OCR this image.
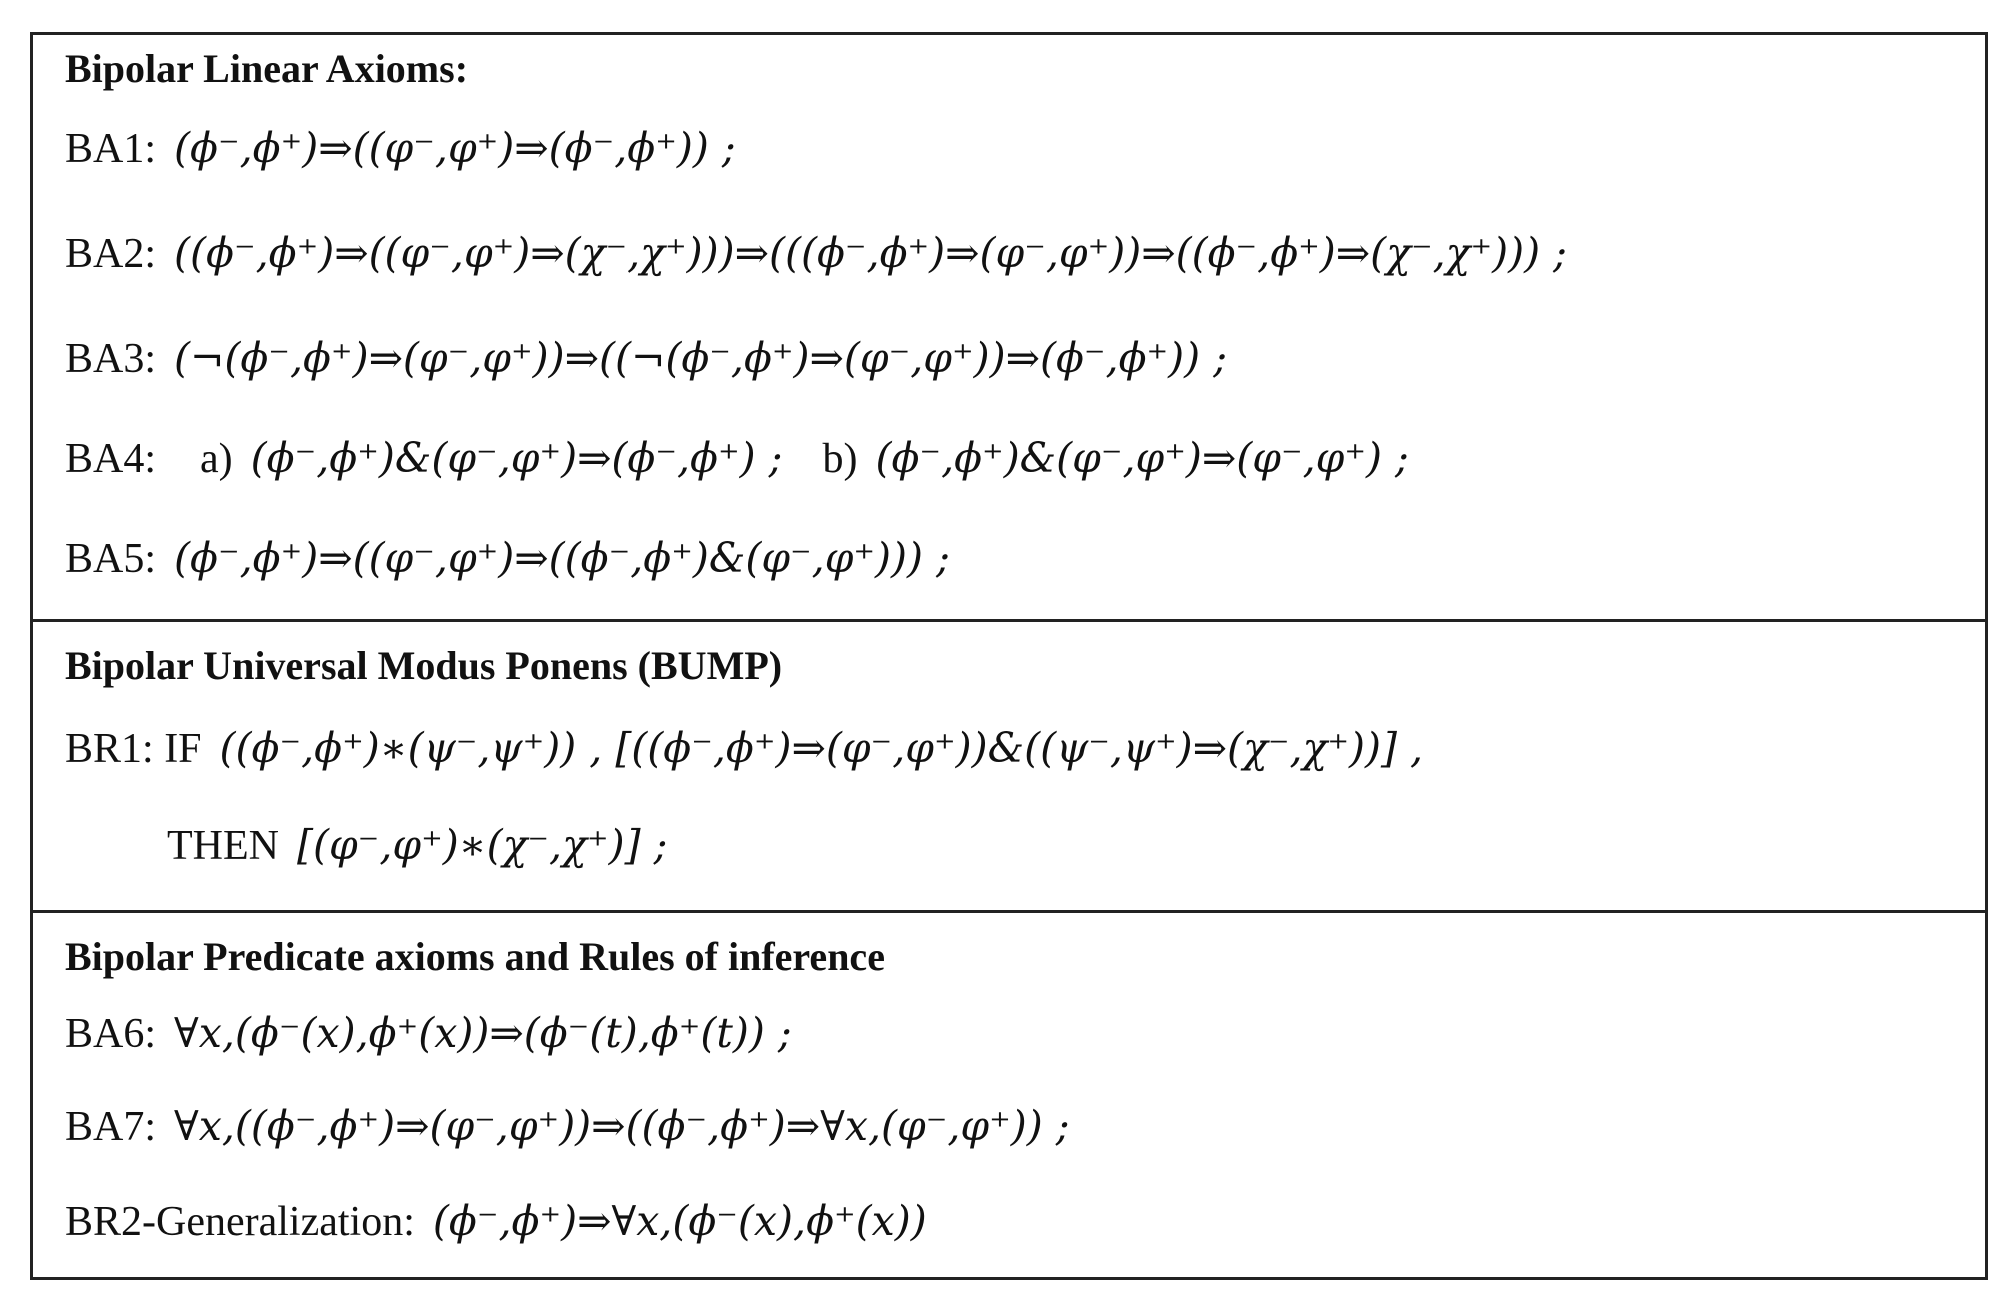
Bipolar Linear Axioms:
BA1: (ϕ⁻,ϕ⁺)⇒((φ⁻,φ⁺)⇒(ϕ⁻,ϕ⁺)) ;
BA2: ((ϕ⁻,ϕ⁺)⇒((φ⁻,φ⁺)⇒(χ⁻,χ⁺)))⇒(((ϕ⁻,ϕ⁺)⇒(φ⁻,φ⁺))⇒((ϕ⁻,ϕ⁺)⇒(χ⁻,χ⁺))) ;
BA3: (¬(ϕ⁻,ϕ⁺)⇒(φ⁻,φ⁺))⇒((¬(ϕ⁻,ϕ⁺)⇒(φ⁻,φ⁺))⇒(ϕ⁻,ϕ⁺)) ;
BA4: a) (ϕ⁻,ϕ⁺)&(φ⁻,φ⁺)⇒(ϕ⁻,ϕ⁺) ; b) (ϕ⁻,ϕ⁺)&(φ⁻,φ⁺)⇒(φ⁻,φ⁺) ;
BA5: (ϕ⁻,ϕ⁺)⇒((φ⁻,φ⁺)⇒((ϕ⁻,ϕ⁺)&(φ⁻,φ⁺))) ;
Bipolar Universal Modus Ponens (BUMP)
BR1: IF ((ϕ⁻,ϕ⁺)∗(ψ⁻,ψ⁺)) , [((ϕ⁻,ϕ⁺)⇒(φ⁻,φ⁺))&((ψ⁻,ψ⁺)⇒(χ⁻,χ⁺))] ,
THEN [(φ⁻,φ⁺)∗(χ⁻,χ⁺)] ;
Bipolar Predicate axioms and Rules of inference
BA6: ∀x,(ϕ⁻(x),ϕ⁺(x))⇒(ϕ⁻(t),ϕ⁺(t)) ;
BA7: ∀x,((ϕ⁻,ϕ⁺)⇒(φ⁻,φ⁺))⇒((ϕ⁻,ϕ⁺)⇒∀x,(φ⁻,φ⁺)) ;
BR2-Generalization: (ϕ⁻,ϕ⁺)⇒∀x,(ϕ⁻(x),ϕ⁺(x))
